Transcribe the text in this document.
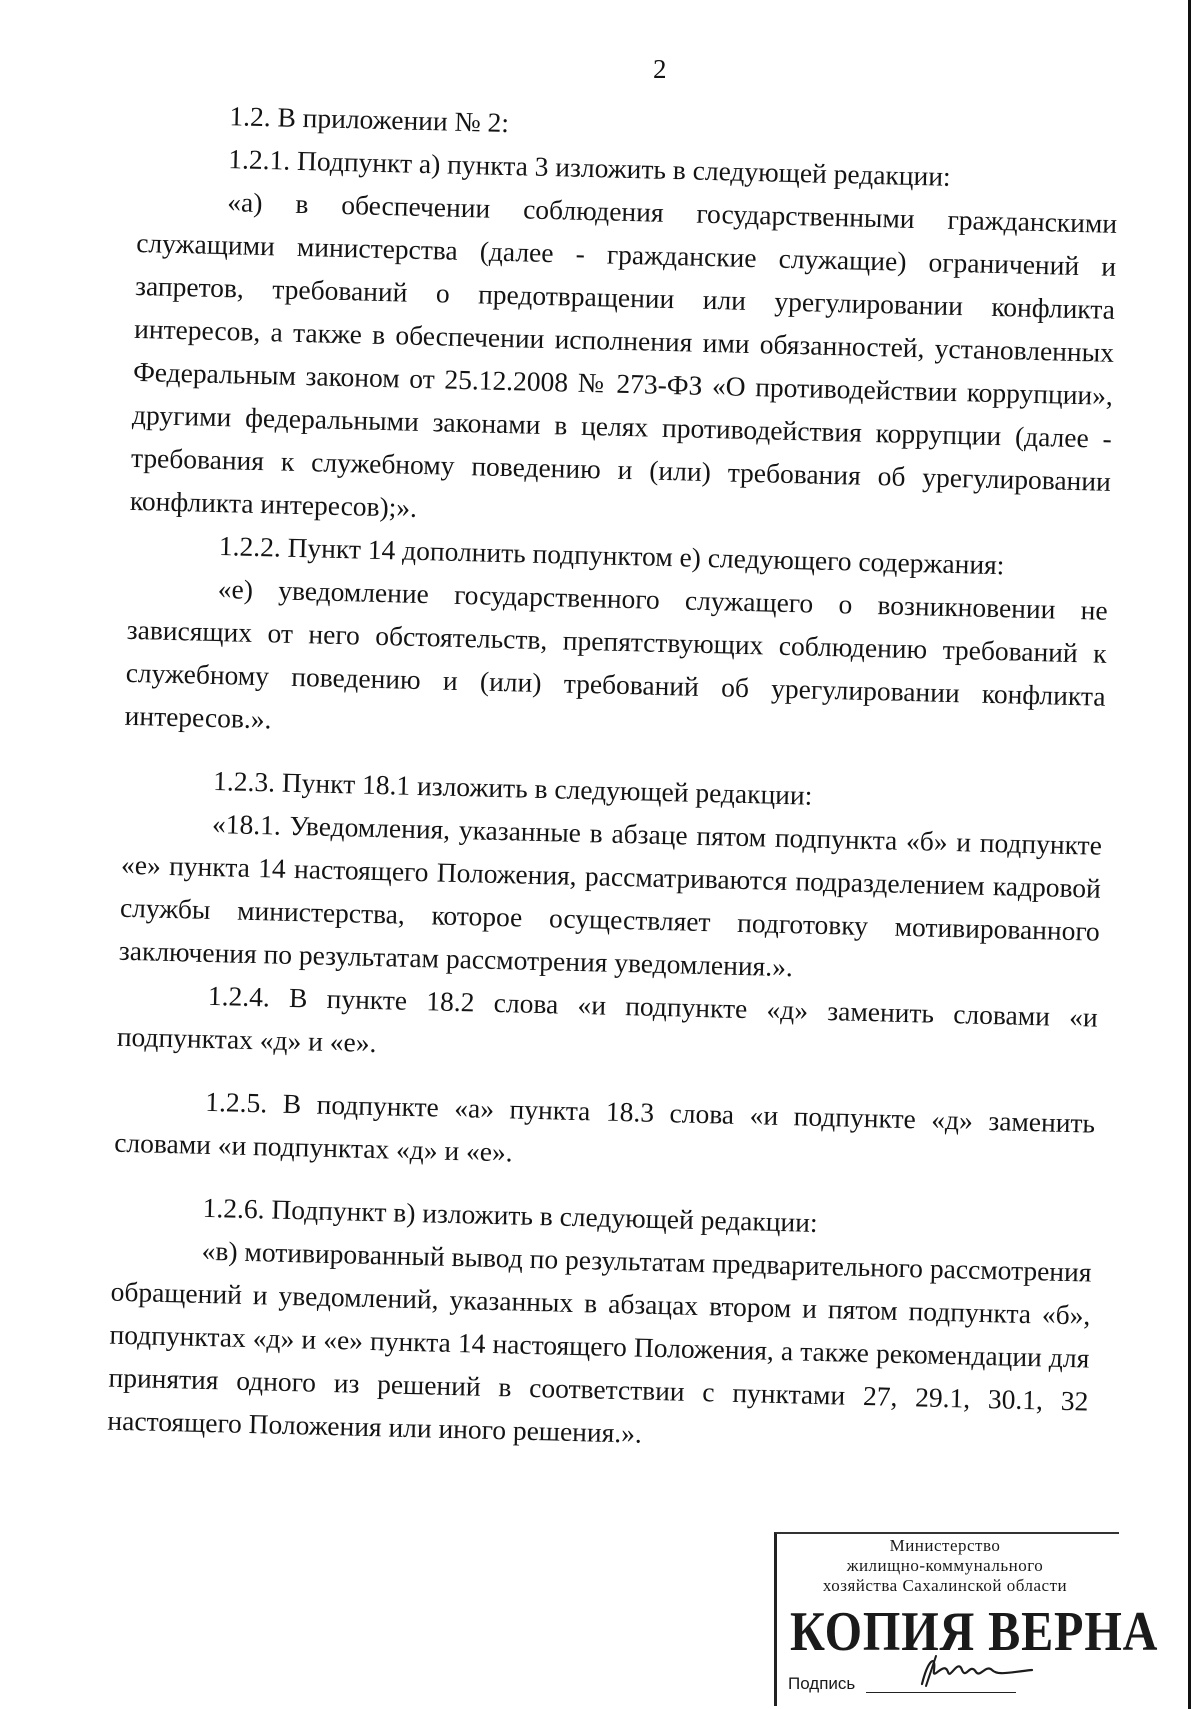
2

1.2. В приложении № 2:

1.2.1. Подпункт а) пункта 3 изложить в следующей редакции:

«а) в обеспечении соблюдения государственными гражданскими служащими министерства (далее - гражданские служащие) ограничений и запретов, требований о предотвращении или урегулировании конфликта интересов, а также в обеспечении исполнения ими обязанностей, установленных Федеральным законом от 25.12.2008 № 273-ФЗ «О противодействии коррупции», другими федеральными законами в целях противодействия коррупции (далее - требования к служебному поведению и (или) требования об урегулировании конфликта интересов);».

1.2.2. Пункт 14 дополнить подпунктом е) следующего содержания:

«е) уведомление государственного служащего о возникновении не зависящих от него обстоятельств, препятствующих соблюдению требований к служебному поведению и (или) требований об урегулировании конфликта интересов.».

1.2.3. Пункт 18.1 изложить в следующей редакции:

«18.1. Уведомления, указанные в абзаце пятом подпункта «б» и подпункте «е» пункта 14 настоящего Положения, рассматриваются подразделением кадровой службы министерства, которое осуществляет подготовку мотивированного заключения по результатам рассмотрения уведомления.».

1.2.4. В пункте 18.2 слова «и подпункте «д» заменить словами «и подпунктах «д» и «е».

1.2.5. В подпункте «а» пункта 18.3 слова «и подпункте «д» заменить словами «и подпунктах «д» и «е».

1.2.6. Подпункт в) изложить в следующей редакции:

«в) мотивированный вывод по результатам предварительного рассмотрения обращений и уведомлений, указанных в абзацах втором и пятом подпункта «б», подпунктах «д» и «е» пункта 14 настоящего Положения, а также рекомендации для принятия одного из решений в соответствии с пунктами 27, 29.1, 30.1, 32 настоящего Положения или иного решения.».

Министерство
жилищно-коммунального
хозяйства Сахалинской области
КОПИЯ ВЕРНА
Подпись
